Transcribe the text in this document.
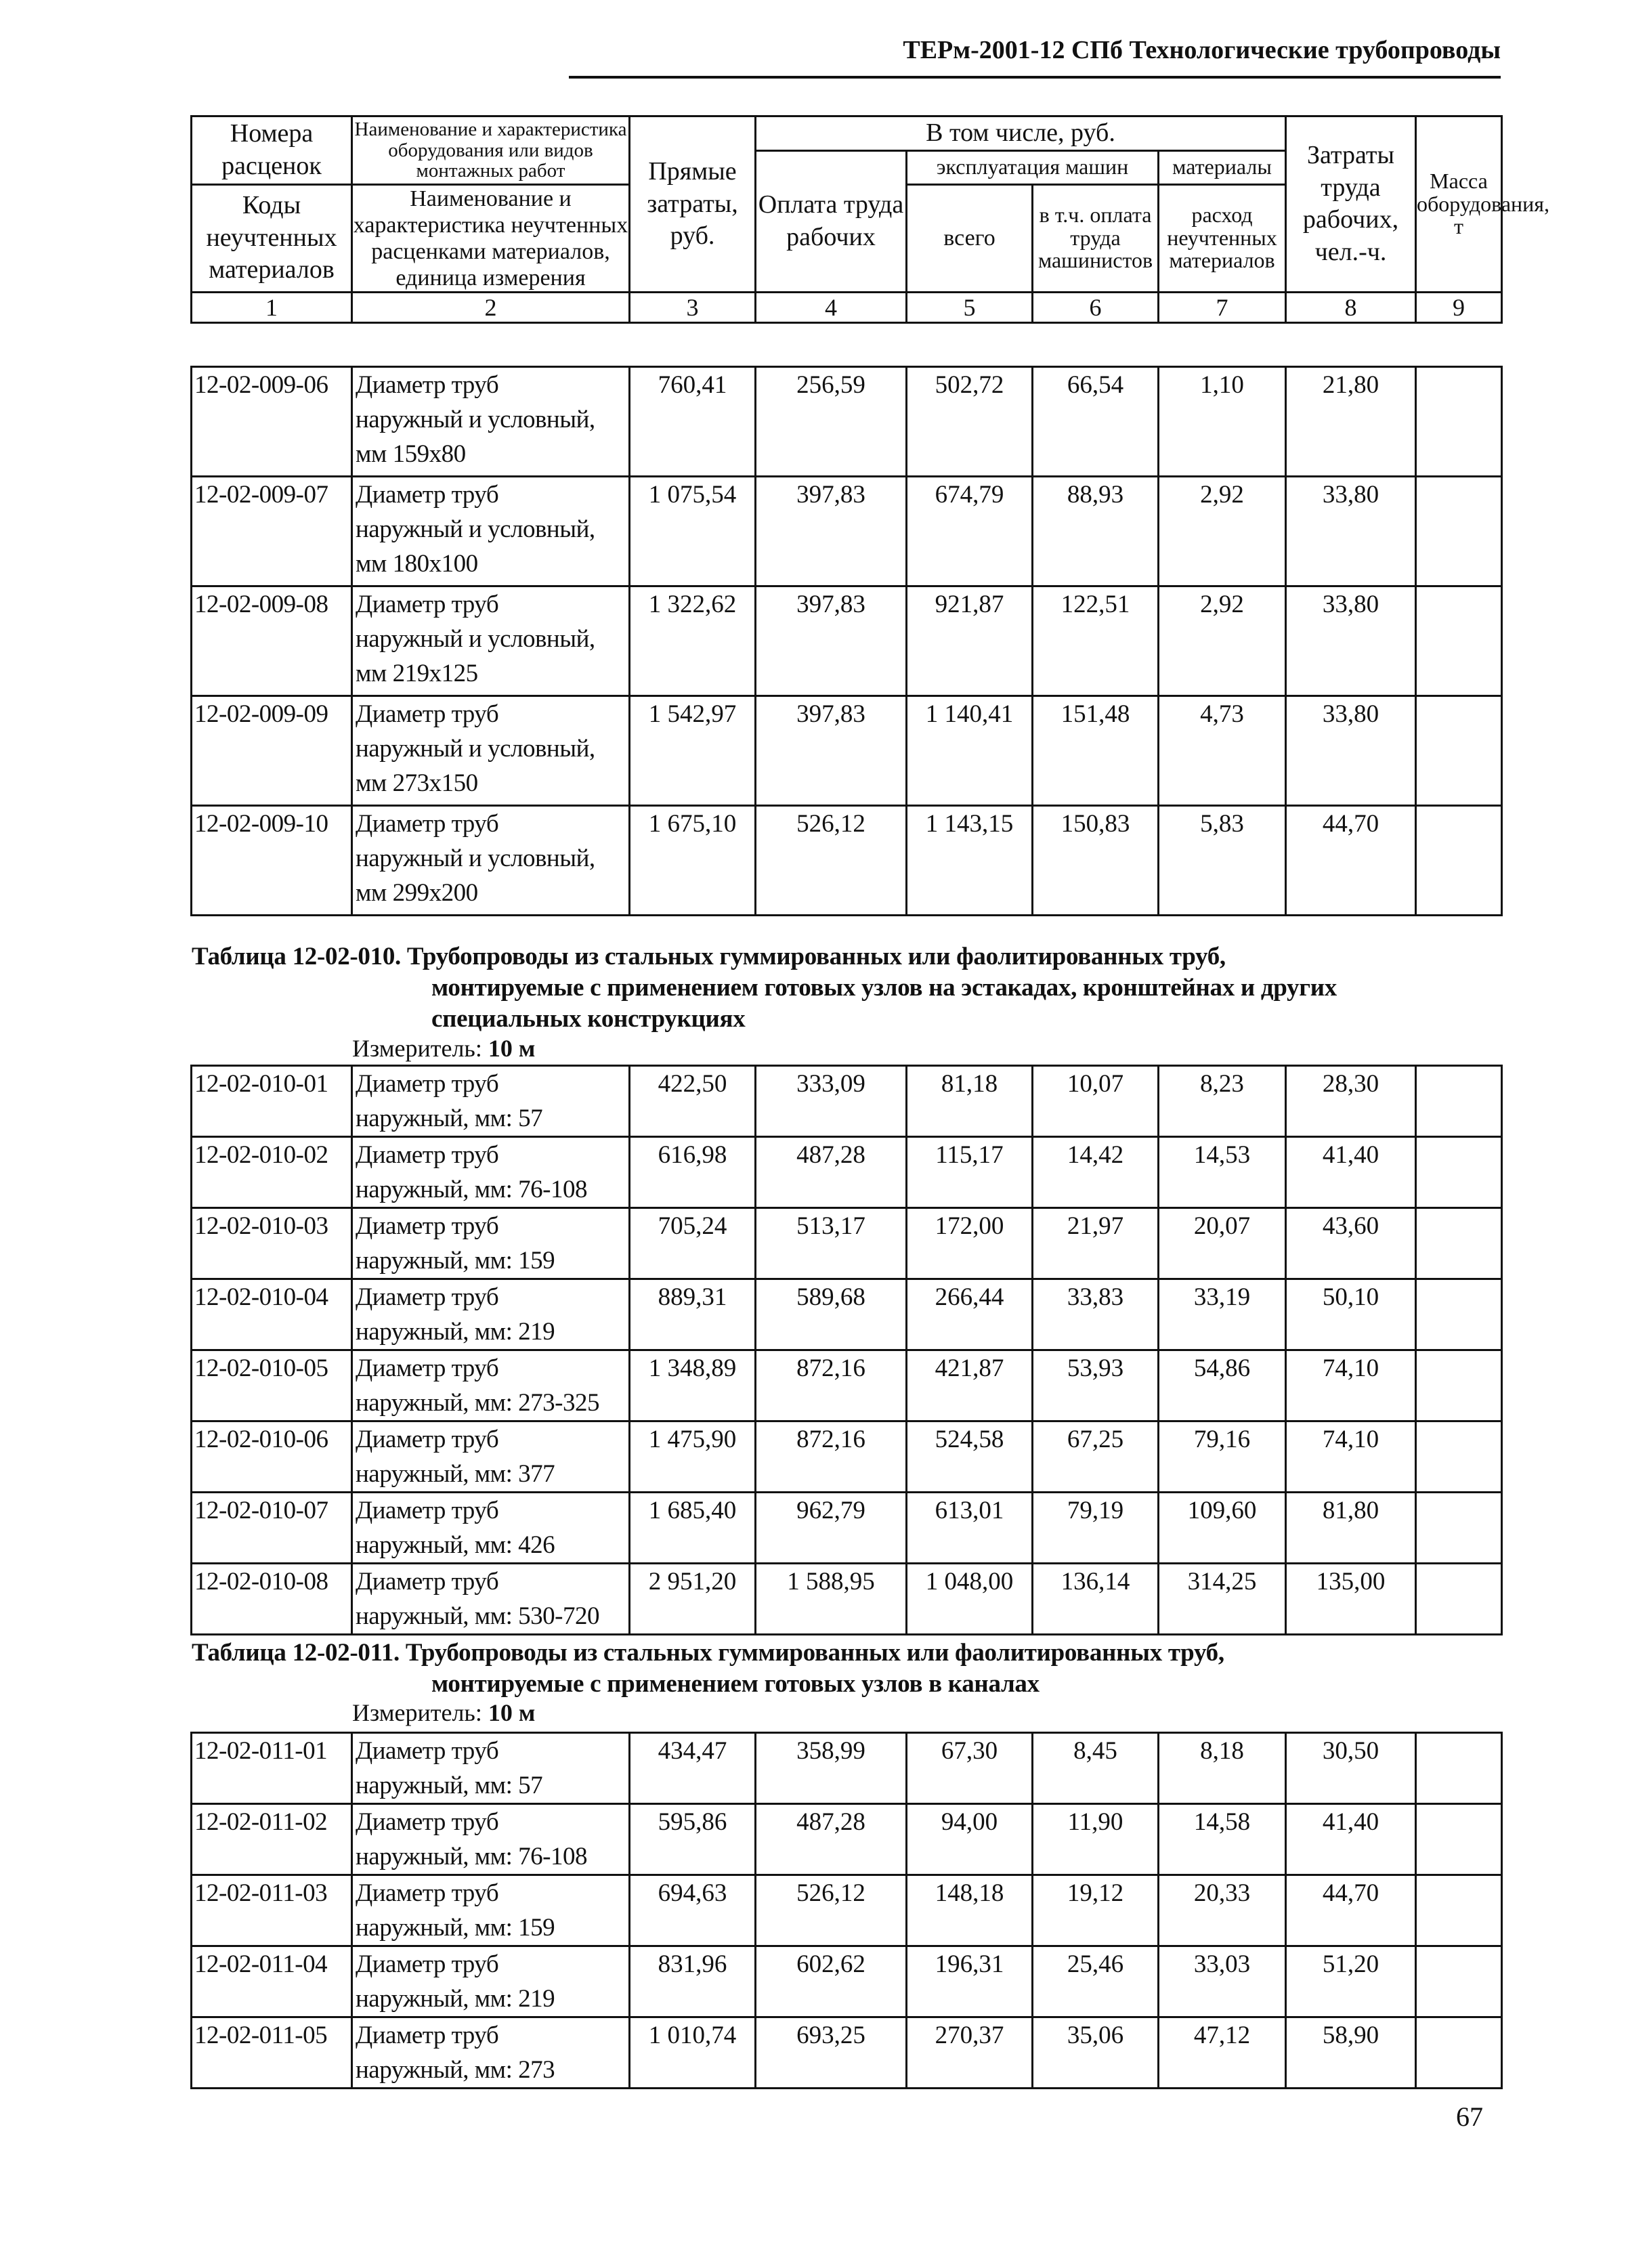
ТЕРм-2001-12 СПб Технологические трубопроводы
Номера расценок	Наименование и характеристика оборудования или видов монтажных работ	Прямые затраты, руб.	В том числе, руб.				Затраты труда рабочих, чел.-ч.	Масса оборудования, т
			Оплата труда рабочих	эксплуатация машин		материалы		
Коды неучтенных материалов	Наименование и характеристика неучтенных расценками материалов, единица измерения			всего	в т.ч. оплата труда машинистов	расход неучтенных материалов		

1	2	3	4	5	6	7	8	9
12-02-009-06	Диаметр труб
наружный и условный,
мм 159x80	760,41	256,59	502,72	66,54	1,10	21,80	
12-02-009-07	Диаметр труб
наружный и условный,
мм 180x100	1 075,54	397,83	674,79	88,93	2,92	33,80	
12-02-009-08	Диаметр труб
наружный и условный,
мм 219x125	1 322,62	397,83	921,87	122,51	2,92	33,80	
12-02-009-09	Диаметр труб
наружный и условный,
мм 273x150	1 542,97	397,83	1 140,41	151,48	4,73	33,80	
12-02-009-10	Диаметр труб
наружный и условный,
мм 299x200	1 675,10	526,12	1 143,15	150,83	5,83	44,70	
Таблица 12-02-010. Трубопроводы из стальных гуммированных или фаолитированных труб,
монтируемые с применением готовых узлов на эстакадах, кронштейнах и других
специальных конструкциях
Измеритель: 10 м
12-02-010-01	Диаметр труб
наружный, мм: 57	422,50	333,09	81,18	10,07	8,23	28,30	
12-02-010-02	Диаметр труб
наружный, мм: 76-108	616,98	487,28	115,17	14,42	14,53	41,40	
12-02-010-03	Диаметр труб
наружный, мм: 159	705,24	513,17	172,00	21,97	20,07	43,60	
12-02-010-04	Диаметр труб
наружный, мм: 219	889,31	589,68	266,44	33,83	33,19	50,10	
12-02-010-05	Диаметр труб
наружный, мм: 273-325	1 348,89	872,16	421,87	53,93	54,86	74,10	
12-02-010-06	Диаметр труб
наружный, мм: 377	1 475,90	872,16	524,58	67,25	79,16	74,10	
12-02-010-07	Диаметр труб
наружный, мм: 426	1 685,40	962,79	613,01	79,19	109,60	81,80	
12-02-010-08	Диаметр труб
наружный, мм: 530-720	2 951,20	1 588,95	1 048,00	136,14	314,25	135,00	
Таблица 12-02-011. Трубопроводы из стальных гуммированных или фаолитированных труб,
монтируемые с применением готовых узлов в каналах
Измеритель: 10 м
12-02-011-01	Диаметр труб
наружный, мм: 57	434,47	358,99	67,30	8,45	8,18	30,50	
12-02-011-02	Диаметр труб
наружный, мм: 76-108	595,86	487,28	94,00	11,90	14,58	41,40	
12-02-011-03	Диаметр труб
наружный, мм: 159	694,63	526,12	148,18	19,12	20,33	44,70	
12-02-011-04	Диаметр труб
наружный, мм: 219	831,96	602,62	196,31	25,46	33,03	51,20	
12-02-011-05	Диаметр труб
наружный, мм: 273	1 010,74	693,25	270,37	35,06	47,12	58,90	
67
